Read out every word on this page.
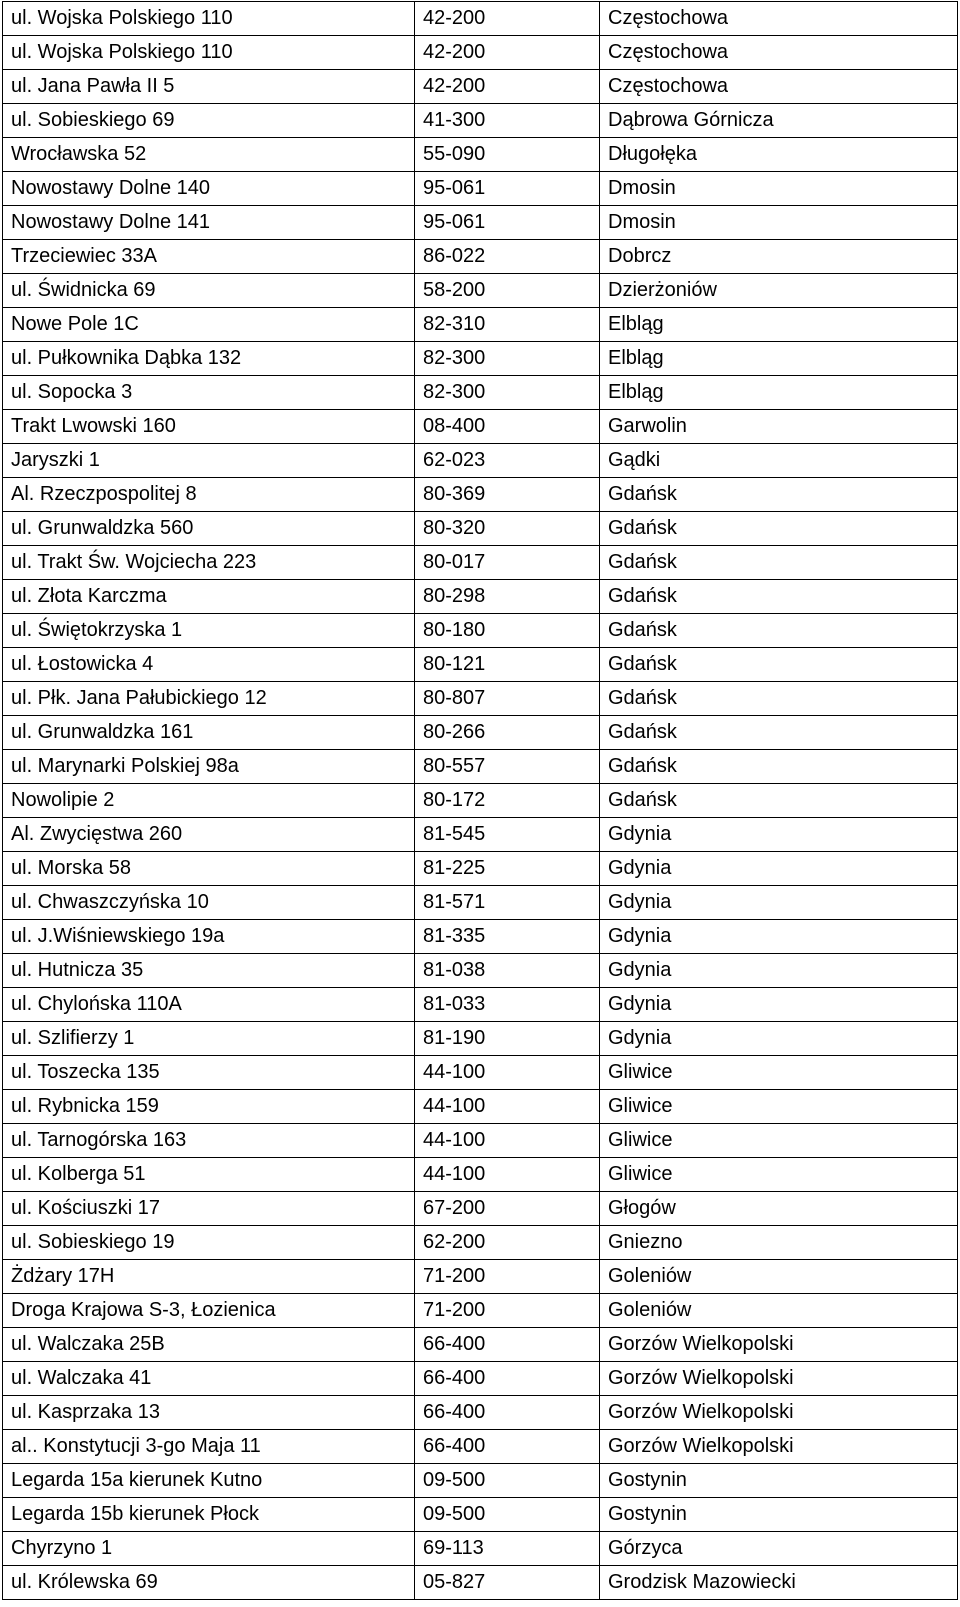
ul. Wojska Polskiego 110	42-200	Częstochowa
ul. Wojska Polskiego 110	42-200	Częstochowa
ul. Jana Pawła II 5	42-200	Częstochowa
ul. Sobieskiego 69	41-300	Dąbrowa Górnicza
Wrocławska 52	55-090	Długołęka
Nowostawy Dolne 140	95-061	Dmosin
Nowostawy Dolne 141	95-061	Dmosin
Trzeciewiec 33A	86-022	Dobrcz
ul. Świdnicka 69	58-200	Dzierżoniów
Nowe Pole 1C	82-310	Elbląg
ul. Pułkownika Dąbka 132	82-300	Elbląg
ul. Sopocka 3	82-300	Elbląg
Trakt Lwowski 160	08-400	Garwolin
Jaryszki 1	62-023	Gądki
Al. Rzeczpospolitej 8	80-369	Gdańsk
ul. Grunwaldzka 560	80-320	Gdańsk
ul. Trakt Św. Wojciecha 223	80-017	Gdańsk
ul. Złota Karczma	80-298	Gdańsk
ul. Świętokrzyska 1	80-180	Gdańsk
ul. Łostowicka 4	80-121	Gdańsk
ul. Płk. Jana Pałubickiego 12	80-807	Gdańsk
ul. Grunwaldzka 161	80-266	Gdańsk
ul. Marynarki Polskiej 98a	80-557	Gdańsk
Nowolipie 2	80-172	Gdańsk
Al. Zwycięstwa 260	81-545	Gdynia
ul. Morska 58	81-225	Gdynia
ul. Chwaszczyńska 10	81-571	Gdynia
ul. J.Wiśniewskiego 19a	81-335	Gdynia
ul. Hutnicza 35	81-038	Gdynia
ul. Chylońska 110A	81-033	Gdynia
ul. Szlifierzy 1	81-190	Gdynia
ul. Toszecka 135	44-100	Gliwice
ul. Rybnicka 159	44-100	Gliwice
ul. Tarnogórska 163	44-100	Gliwice
ul. Kolberga 51	44-100	Gliwice
ul. Kościuszki 17	67-200	Głogów
ul. Sobieskiego 19	62-200	Gniezno
Żdżary 17H	71-200	Goleniów
Droga Krajowa S-3, Łozienica	71-200	Goleniów
ul. Walczaka 25B	66-400	Gorzów Wielkopolski
ul. Walczaka 41	66-400	Gorzów Wielkopolski
ul. Kasprzaka 13	66-400	Gorzów Wielkopolski
al.. Konstytucji 3-go Maja 11	66-400	Gorzów Wielkopolski
Legarda 15a kierunek Kutno	09-500	Gostynin
Legarda 15b kierunek Płock	09-500	Gostynin
Chyrzyno 1	69-113	Górzyca
ul. Królewska 69	05-827	Grodzisk Mazowiecki
